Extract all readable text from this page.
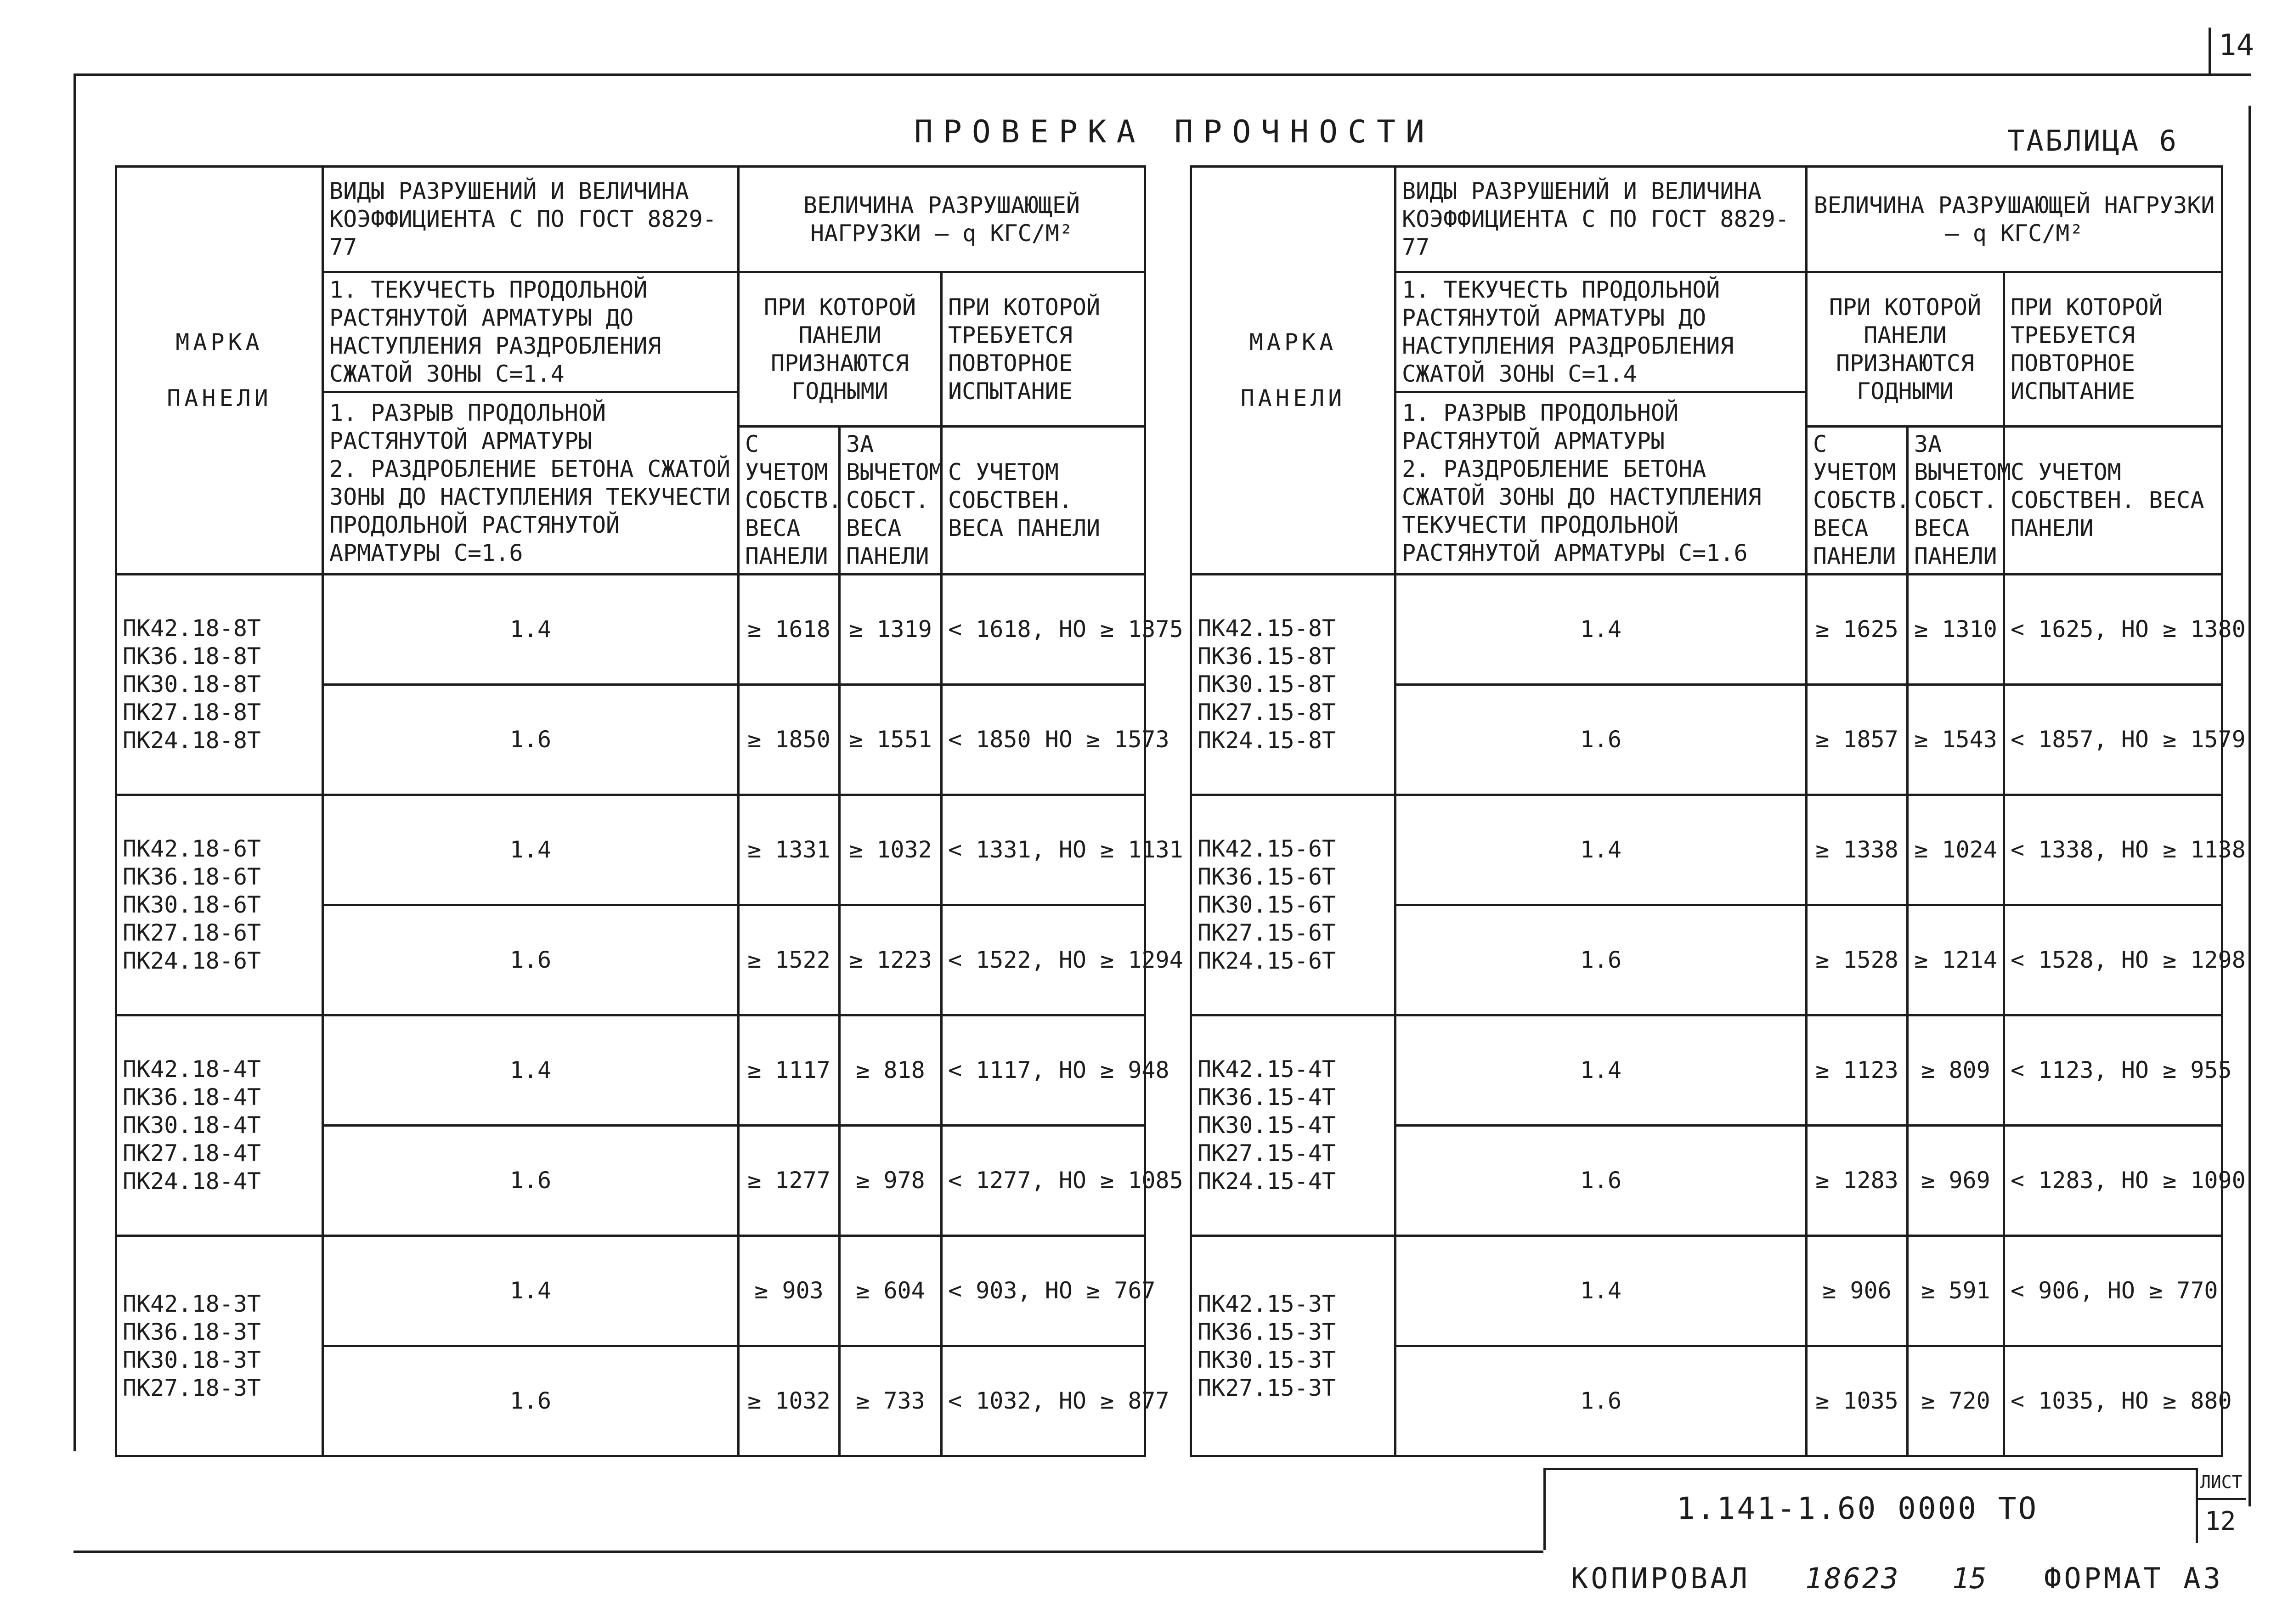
14
ПРОВЕРКА ПРОЧНОСТИ	ТАБЛИЦА 6
МАРКА

ПАНЕЛИ	ВИДЫ РАЗРУШЕНИЙ И ВЕЛИЧИНА КОЭФФИЦИЕНТА С ПО ГОСТ 8829-77	ВЕЛИЧИНА РАЗРУШАЮЩЕЙ НАГРУЗКИ – q КГС/М²		
	1. ТЕКУЧЕСТЬ ПРОДОЛЬНОЙ РАСТЯНУТОЙ АРМАТУРЫ ДО НАСТУПЛЕНИЯ РАЗДРОБЛЕНИЯ СЖАТОЙ ЗОНЫ С=1.4	ПРИ КОТОРОЙ ПАНЕЛИ ПРИЗНАЮТСЯ ГОДНЫМИ		ПРИ КОТОРОЙ ТРЕБУЕТСЯ ПОВТОРНОЕ ИСПЫТАНИЕ
	1. РАЗРЫВ ПРОДОЛЬНОЙ РАСТЯНУТОЙ АРМАТУРЫ
2. РАЗДРОБЛЕНИЕ БЕТОНА СЖАТОЙ ЗОНЫ ДО НАСТУПЛЕНИЯ ТЕКУЧЕСТИ ПРОДОЛЬНОЙ РАСТЯНУТОЙ АРМАТУРЫ С=1.6			
		С УЧЕТОМ СОБСТВ. ВЕСА ПАНЕЛИ	ЗА ВЫЧЕТОМ СОБСТ. ВЕСА ПАНЕЛИ	С УЧЕТОМ СОБСТВЕН. ВЕСА ПАНЕЛИ

ПК42.18-8Т
ПК36.18-8Т
ПК30.18-8Т
ПК27.18-8Т
ПК24.18-8Т	1.4	≥ 1618	≥ 1319	< 1618, НО ≥ 1375
	1.6	≥ 1850	≥ 1551	< 1850 НО ≥ 1573

ПК42.18-6Т
ПК36.18-6Т
ПК30.18-6Т
ПК27.18-6Т
ПК24.18-6Т	1.4	≥ 1331	≥ 1032	< 1331, НО ≥ 1131
	1.6	≥ 1522	≥ 1223	< 1522, НО ≥ 1294

ПК42.18-4Т
ПК36.18-4Т
ПК30.18-4Т
ПК27.18-4Т
ПК24.18-4Т	1.4	≥ 1117	≥ 818	< 1117, НО ≥ 948
	1.6	≥ 1277	≥ 978	< 1277, НО ≥ 1085

ПК42.18-3Т
ПК36.18-3Т
ПК30.18-3Т
ПК27.18-3Т	1.4	≥ 903	≥ 604	< 903, НО ≥ 767
	1.6	≥ 1032	≥ 733	< 1032, НО ≥ 877
МАРКА

ПАНЕЛИ	ВИДЫ РАЗРУШЕНИЙ И ВЕЛИЧИНА КОЭФФИЦИЕНТА С ПО ГОСТ 8829-77	ВЕЛИЧИНА РАЗРУШАЮЩЕЙ НАГРУЗКИ – q КГС/М²		
	1. ТЕКУЧЕСТЬ ПРОДОЛЬНОЙ РАСТЯНУТОЙ АРМАТУРЫ ДО НАСТУПЛЕНИЯ РАЗДРОБЛЕНИЯ СЖАТОЙ ЗОНЫ С=1.4	ПРИ КОТОРОЙ ПАНЕЛИ ПРИЗНАЮТСЯ ГОДНЫМИ		ПРИ КОТОРОЙ ТРЕБУЕТСЯ ПОВТОРНОЕ ИСПЫТАНИЕ
	1. РАЗРЫВ ПРОДОЛЬНОЙ РАСТЯНУТОЙ АРМАТУРЫ
2. РАЗДРОБЛЕНИЕ БЕТОНА СЖАТОЙ ЗОНЫ ДО НАСТУПЛЕНИЯ ТЕКУЧЕСТИ ПРОДОЛЬНОЙ РАСТЯНУТОЙ АРМАТУРЫ С=1.6			
		С УЧЕТОМ СОБСТВ. ВЕСА ПАНЕЛИ	ЗА ВЫЧЕТОМ СОБСТ. ВЕСА ПАНЕЛИ	С УЧЕТОМ СОБСТВЕН. ВЕСА ПАНЕЛИ

ПК42.15-8Т
ПК36.15-8Т
ПК30.15-8Т
ПК27.15-8Т
ПК24.15-8Т	1.4	≥ 1625	≥ 1310	< 1625, НО ≥ 1380
	1.6	≥ 1857	≥ 1543	< 1857, НО ≥ 1579

ПК42.15-6Т
ПК36.15-6Т
ПК30.15-6Т
ПК27.15-6Т
ПК24.15-6Т	1.4	≥ 1338	≥ 1024	< 1338, НО ≥ 1138
	1.6	≥ 1528	≥ 1214	< 1528, НО ≥ 1298

ПК42.15-4Т
ПК36.15-4Т
ПК30.15-4Т
ПК27.15-4Т
ПК24.15-4Т	1.4	≥ 1123	≥ 809	< 1123, НО ≥ 955
	1.6	≥ 1283	≥ 969	< 1283, НО ≥ 1090

ПК42.15-3Т
ПК36.15-3Т
ПК30.15-3Т
ПК27.15-3Т	1.4	≥ 906	≥ 591	< 906, НО ≥ 770
	1.6	≥ 1035	≥ 720	< 1035, НО ≥ 880
1.141-1.60 0000 ТО
ЛИСТ
12
КОПИРОВАЛ 18623 15 ФОРМАТ А3
